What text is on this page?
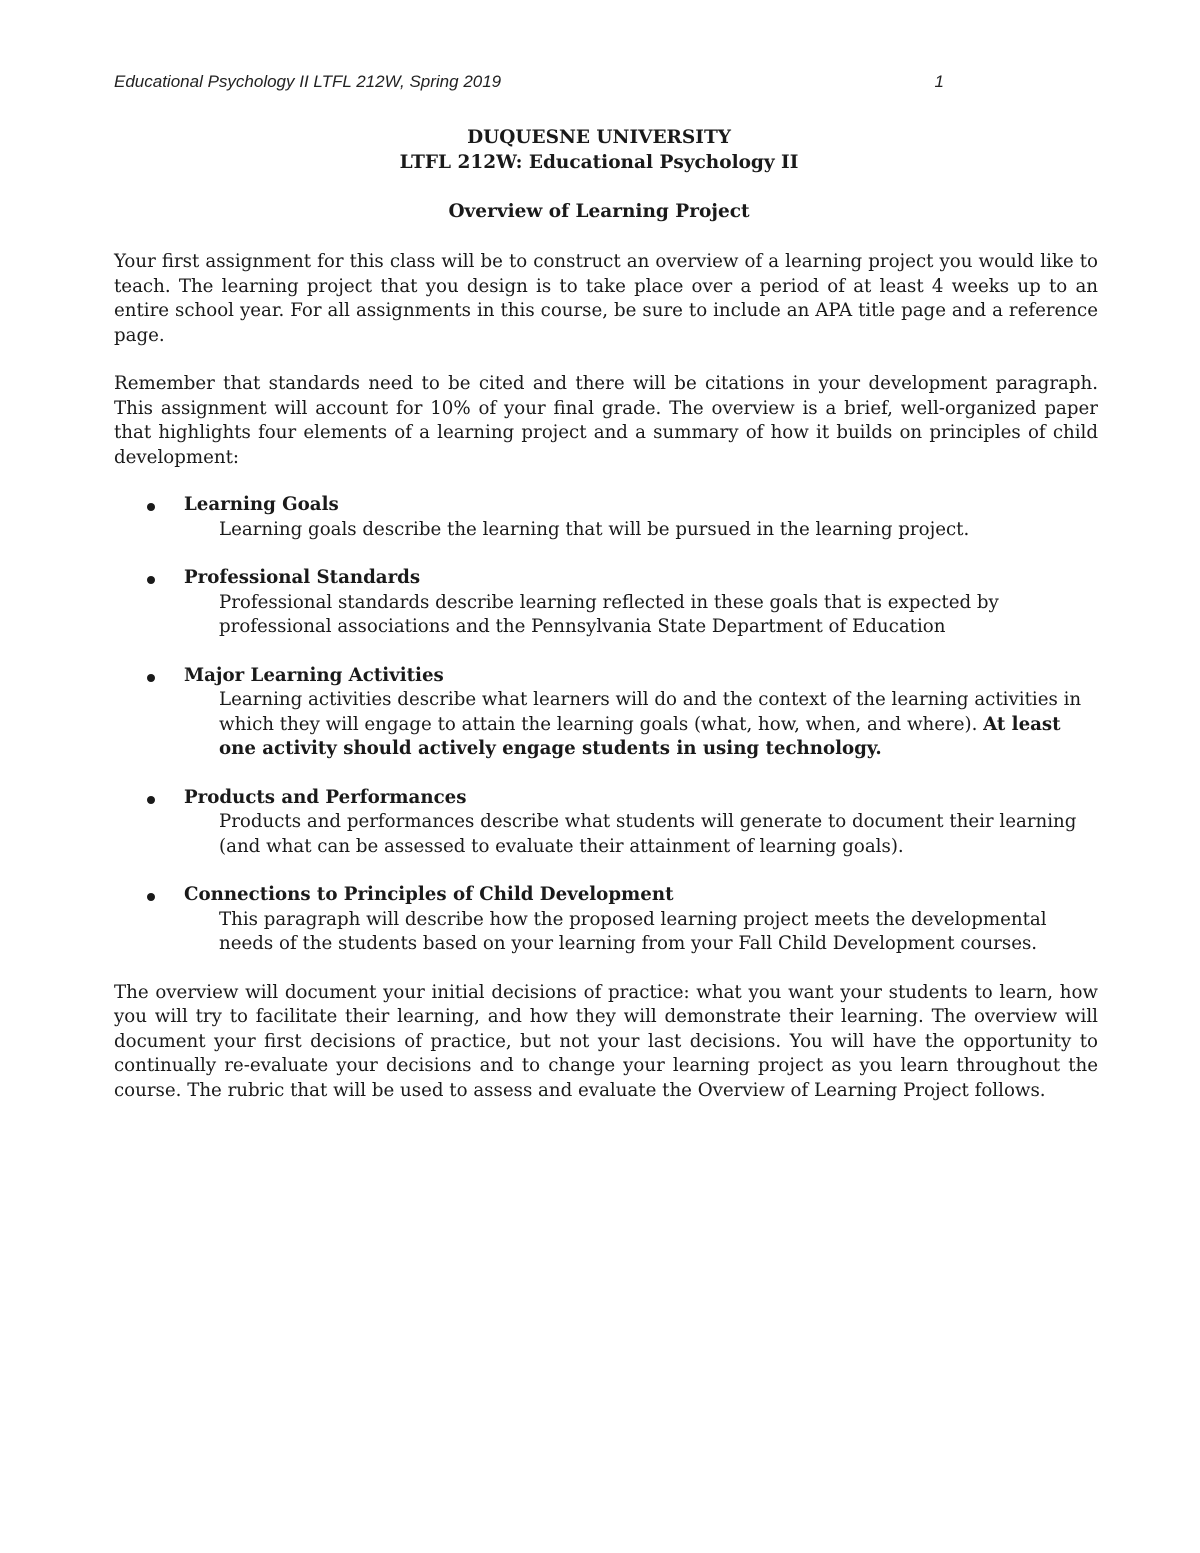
Educational Psychology II LTFL 212W, Spring 2019	1
DUQUESNE UNIVERSITY
LTFL 212W: Educational Psychology II
Overview of Learning Project

Your first assignment for this class will be to construct an overview of a learning project you would like to teach. The learning project that you design is to take place over a period of at least 4 weeks up to an entire school year. For all assignments in this course, be sure to include an APA title page and a reference page.

Remember that standards need to be cited and there will be citations in your development paragraph. This assignment will account for 10% of your final grade. The overview is a brief, well-organized paper that highlights four elements of a learning project and a summary of how it builds on principles of child development:

Learning Goals
Learning goals describe the learning that will be pursued in the learning project.
Professional Standards
Professional standards describe learning reflected in these goals that is expected by professional associations and the Pennsylvania State Department of Education
Major Learning Activities
Learning activities describe what learners will do and the context of the learning activities in which they will engage to attain the learning goals (what, how, when, and where). At least one activity should actively engage students in using technology.
Products and Performances
Products and performances describe what students will generate to document their learning (and what can be assessed to evaluate their attainment of learning goals).
Connections to Principles of Child Development
This paragraph will describe how the proposed learning project meets the developmental needs of the students based on your learning from your Fall Child Development courses.

The overview will document your initial decisions of practice: what you want your students to learn, how you will try to facilitate their learning, and how they will demonstrate their learning. The overview will document your first decisions of practice, but not your last decisions. You will have the opportunity to continually re-evaluate your decisions and to change your learning project as you learn throughout the course. The rubric that will be used to assess and evaluate the Overview of Learning Project follows.
